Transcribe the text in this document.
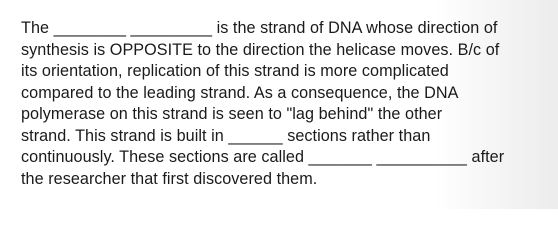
The ________ _________ is the strand of DNA whose direction of
synthesis is OPPOSITE to the direction the helicase moves. B/c of
its orientation, replication of this strand is more complicated
compared to the leading strand. As a consequence, the DNA
polymerase on this strand is seen to "lag behind" the other
strand. This strand is built in ______ sections rather than
continuously. These sections are called _______ __________ after
the researcher that first discovered them.
